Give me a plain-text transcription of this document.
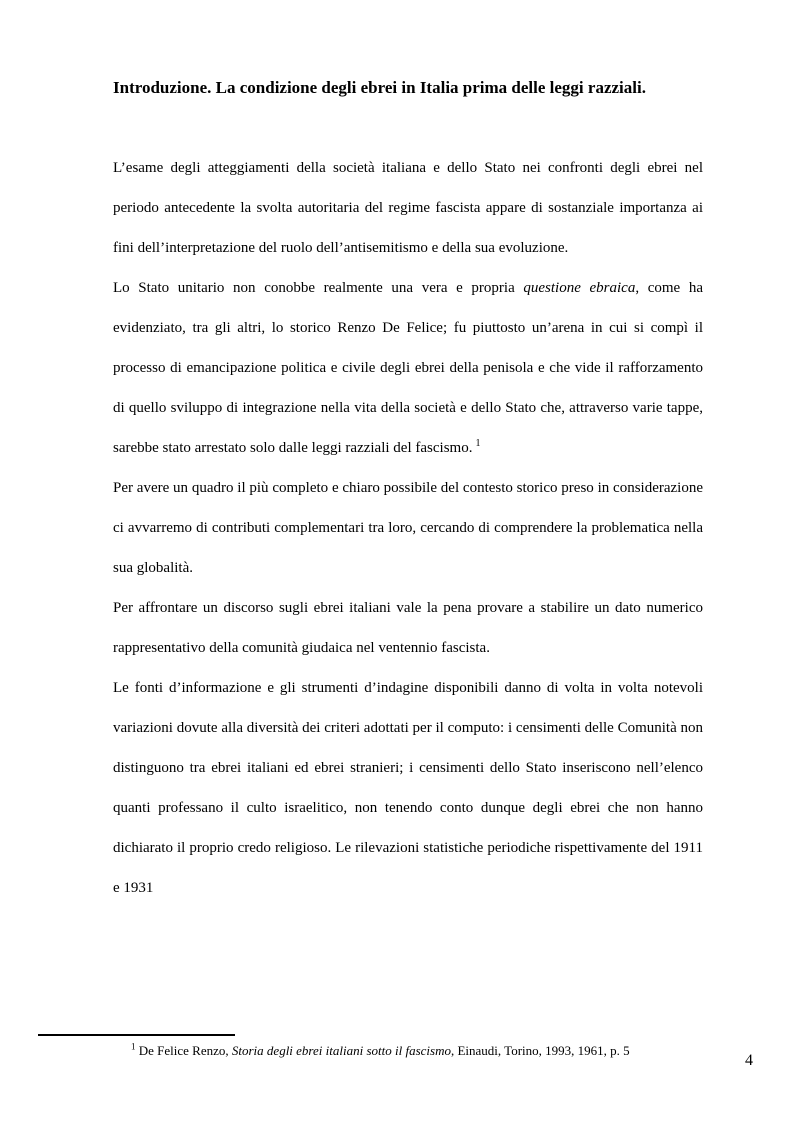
Introduzione. La condizione degli ebrei in Italia prima delle leggi razziali.

L’esame degli atteggiamenti della società italiana e dello Stato nei confronti degli ebrei nel periodo antecedente la svolta autoritaria del regime fascista appare di sostanziale importanza ai fini dell’interpretazione del ruolo dell’antisemitismo e della sua evoluzione.

Lo Stato unitario non conobbe realmente una vera e propria questione ebraica, come ha evidenziato, tra gli altri, lo storico Renzo De Felice; fu piuttosto un’arena in cui si compì il processo di emancipazione politica e civile degli ebrei della penisola e che vide il rafforzamento di quello sviluppo di integrazione nella vita della società e dello Stato che, attraverso varie tappe, sarebbe stato arrestato solo dalle leggi razziali del fascismo. $^1$

Per avere un quadro il più completo e chiaro possibile del contesto storico preso in considerazione ci avvarremo di contributi complementari tra loro, cercando di comprendere la problematica nella sua globalità.

Per affrontare un discorso sugli ebrei italiani vale la pena provare a stabilire un dato numerico rappresentativo della comunità giudaica nel ventennio fascista.

Le fonti d’informazione e gli strumenti d’indagine disponibili danno di volta in volta notevoli variazioni dovute alla diversità dei criteri adottati per il computo: i censimenti delle Comunità non distinguono tra ebrei italiani ed ebrei stranieri; i censimenti dello Stato inseriscono nell’elenco quanti professano il culto israelitico, non tenendo conto dunque degli ebrei che non hanno dichiarato il proprio credo religioso. Le rilevazioni statistiche periodiche rispettivamente del 1911 e 1931

$^1$ De Felice Renzo, Storia degli ebrei italiani sotto il fascismo, Einaudi, Torino, 1993, 1961, p. 5

4
